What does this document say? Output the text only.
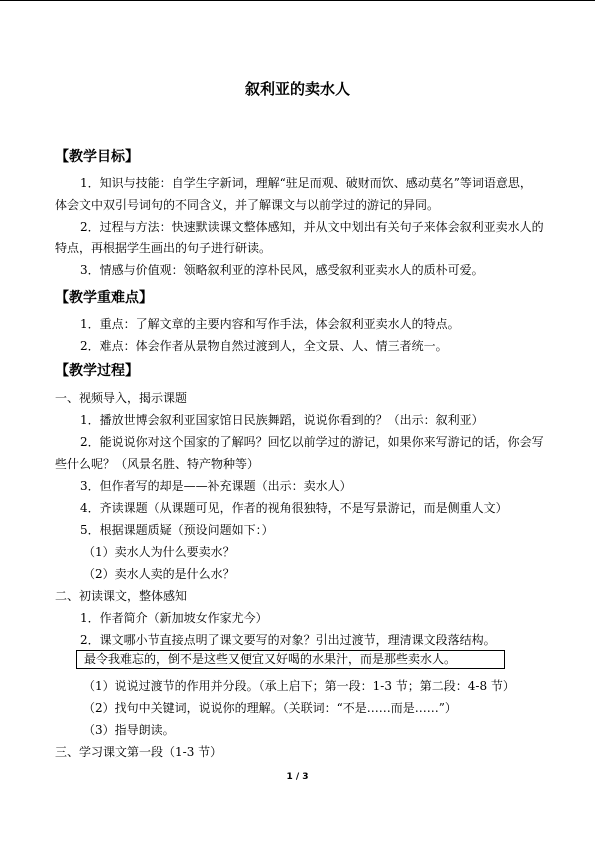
叙利亚的卖水人
【教学目标】
1．知识与技能：自学生字新词，理解“驻足而观、破财而饮、感动莫名”等词语意思，
体会文中双引号词句的不同含义，并了解课文与以前学过的游记的异同。
2．过程与方法：快速默读课文整体感知，并从文中划出有关句子来体会叙利亚卖水人的
特点，再根据学生画出的句子进行研读。
3．情感与价值观：领略叙利亚的淳朴民风，感受叙利亚卖水人的质朴可爱。
【教学重难点】
1．重点：了解文章的主要内容和写作手法，体会叙利亚卖水人的特点。
2．难点：体会作者从景物自然过渡到人，全文景、人、情三者统一。
【教学过程】
一、视频导入，揭示课题
1．播放世博会叙利亚国家馆日民族舞蹈，说说你看到的？（出示：叙利亚）
2．能说说你对这个国家的了解吗？回忆以前学过的游记，如果你来写游记的话，你会写
些什么呢？（风景名胜、特产物种等）
3．但作者写的却是——补充课题（出示：卖水人）
4．齐读课题（从课题可见，作者的视角很独特，不是写景游记，而是侧重人文）
5．根据课题质疑（预设问题如下：）
（1）卖水人为什么要卖水？
（2）卖水人卖的是什么水？
二、初读课文，整体感知
1．作者简介（新加坡女作家尤今）
2．课文哪小节直接点明了课文要写的对象？引出过渡节，理清课文段落结构。
最令我难忘的，倒不是这些又便宜又好喝的水果汁，而是那些卖水人。
（1）说说过渡节的作用并分段。（承上启下；第一段：1-3 节；第二段：4-8 节）
（2）找句中关键词，说说你的理解。（关联词：“不是……而是……”）
（3）指导朗读。
三、学习课文第一段（1-3 节）
1 / 3
